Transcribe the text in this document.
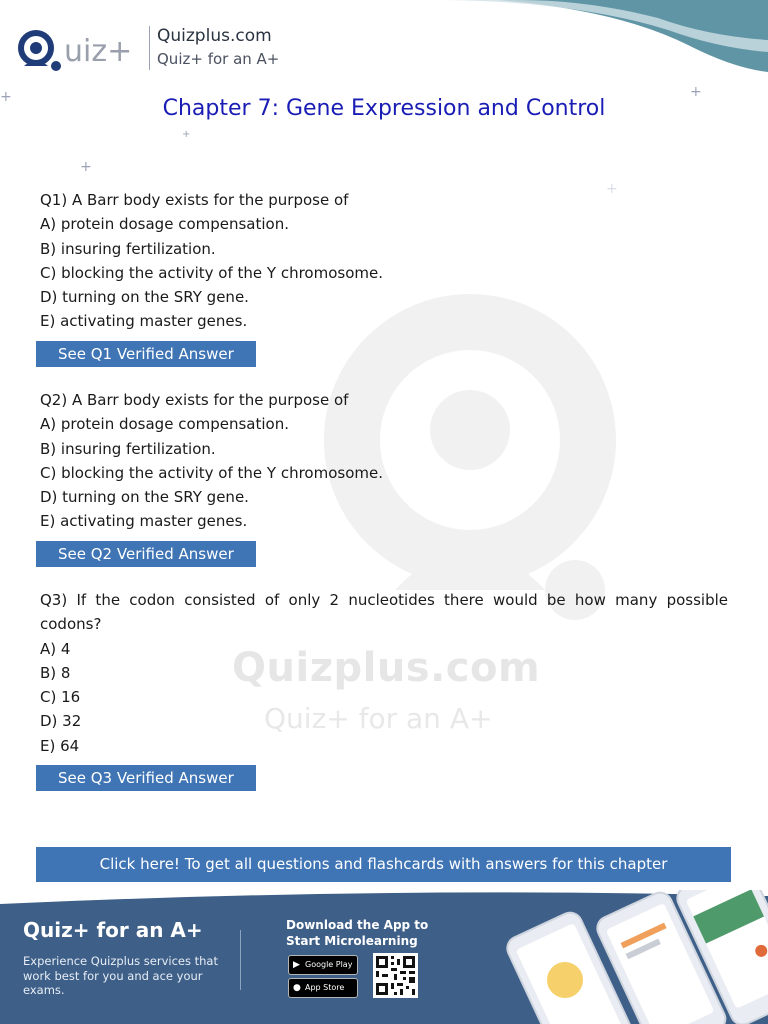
uiz+ Quizplus.com
Quiz+ for an A+
Chapter 7: Gene Expression and Control
+	+
+
+
+
Quizplus.com
Quiz+ for an A+
Q1) A Barr body exists for the purpose of
A) protein dosage compensation.
B) insuring fertilization.
C) blocking the activity of the Y chromosome.
D) turning on the SRY gene.
E) activating master genes.
See Q1 Verified Answer
Q2) A Barr body exists for the purpose of
A) protein dosage compensation.
B) insuring fertilization.
C) blocking the activity of the Y chromosome.
D) turning on the SRY gene.
E) activating master genes.
See Q2 Verified Answer
Q3) If the codon consisted of only 2 nucleotides there would be how many possible
codons?
A) 4
B) 8
C) 16
D) 32
E) 64
See Q3 Verified Answer
Click here! To get all questions and flashcards with answers for this chapter
Quiz+ for an A+
Experience Quizplus services that work best for you and ace your exams.
Download the App to Start Microlearning
▶ Google Play
● App Store
